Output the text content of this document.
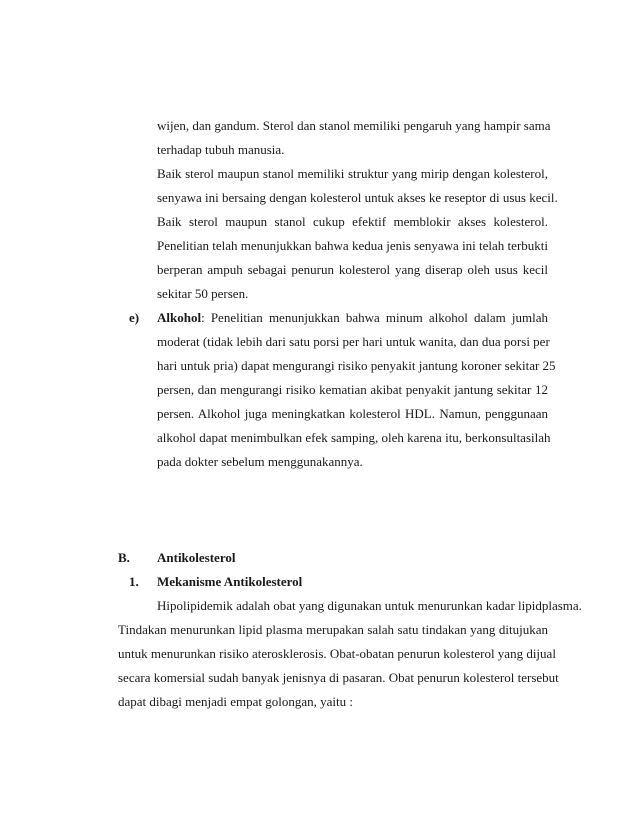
wijen, dan gandum. Sterol dan stanol memiliki pengaruh yang hampir sama
terhadap tubuh manusia.
Baik sterol maupun stanol memiliki struktur yang mirip dengan kolesterol,
senyawa ini bersaing dengan kolesterol untuk akses ke reseptor di usus kecil.
Baik sterol maupun stanol cukup efektif memblokir akses kolesterol.
Penelitian telah menunjukkan bahwa kedua jenis senyawa ini telah terbukti
berperan ampuh sebagai penurun kolesterol yang diserap oleh usus kecil
sekitar 50 persen.
e) Alkohol : Penelitian menunjukkan bahwa minum alkohol dalam jumlah
moderat (tidak lebih dari satu porsi per hari untuk wanita, dan dua porsi per
hari untuk pria) dapat mengurangi risiko penyakit jantung koroner sekitar 25
persen, dan mengurangi risiko kematian akibat penyakit jantung sekitar 12
persen. Alkohol juga meningkatkan kolesterol HDL. Namun, penggunaan
alkohol dapat menimbulkan efek samping, oleh karena itu, berkonsultasilah
pada dokter sebelum menggunakannya.
B. Antikolesterol
1. Mekanisme Antikolesterol
Hipolipidemik adalah obat yang digunakan untuk menurunkan kadar lipidplasma.
Tindakan menurunkan lipid plasma merupakan salah satu tindakan yang ditujukan
untuk menurunkan risiko aterosklerosis. Obat-obatan penurun kolesterol yang dijual
secara komersial sudah banyak jenisnya di pasaran. Obat penurun kolesterol tersebut
dapat dibagi menjadi empat golongan, yaitu :
